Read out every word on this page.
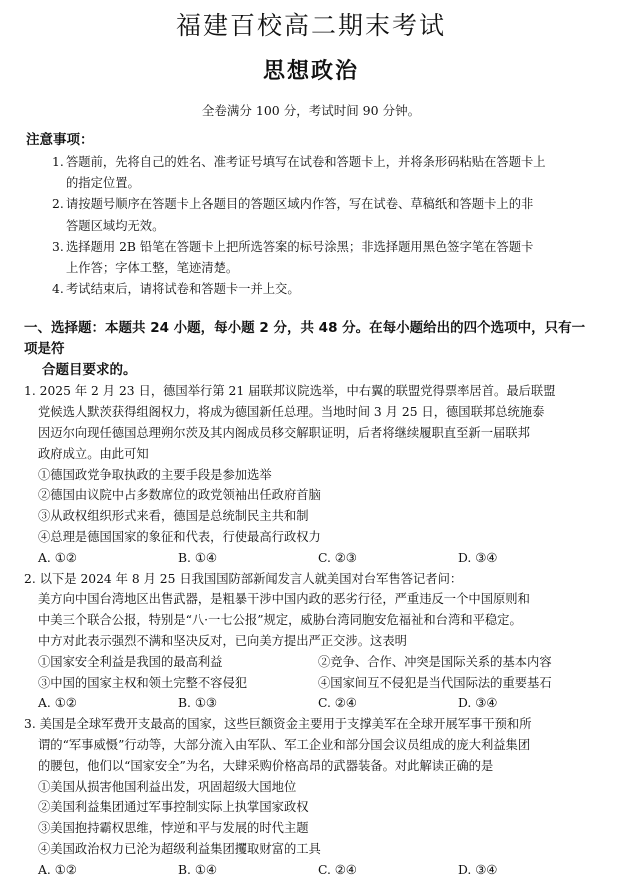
福建百校高二期末考试
思想政治
全卷满分 100 分，考试时间 90 分钟。
注意事项：
1. 答题前，先将自己的姓名、准考证号填写在试卷和答题卡上，并将条形码粘贴在答题卡上
的指定位置。
2. 请按题号顺序在答题卡上各题目的答题区域内作答，写在试卷、草稿纸和答题卡上的非
答题区域均无效。
3. 选择题用 2B 铅笔在答题卡上把所选答案的标号涂黑；非选择题用黑色签字笔在答题卡
上作答；字体工整，笔迹清楚。
4. 考试结束后，请将试卷和答题卡一并上交。
一、选择题：本题共 24 小题，每小题 2 分，共 48 分。在每小题给出的四个选项中，只有一项是符
合题目要求的。

1. 2025 年 2 月 23 日，德国举行第 21 届联邦议院选举，中右翼的联盟党得票率居首。最后联盟

党候选人默茨获得组阁权力，将成为德国新任总理。当地时间 3 月 25 日，德国联邦总统施泰

因迈尔向现任德国总理朔尔茨及其内阁成员移交解职证明，后者将继续履职直至新一届联邦

政府成立。由此可知

①德国政党争取执政的主要手段是参加选举

②德国由议院中占多数席位的政党领袖出任政府首脑

③从政权组织形式来看，德国是总统制民主共和制

④总理是德国国家的象征和代表，行使最高行政权力

A. ①②	B. ①④	C. ②③	D. ③④

2. 以下是 2024 年 8 月 25 日我国国防部新闻发言人就美国对台军售答记者问：

美方向中国台湾地区出售武器，是粗暴干涉中国内政的恶劣行径，严重违反一个中国原则和

中美三个联合公报，特别是“八·一七公报”规定，威胁台湾同胞安危福祉和台湾和平稳定。

中方对此表示强烈不满和坚决反对，已向美方提出严正交涉。这表明

①国家安全利益是我国的最高利益	②竞争、合作、冲突是国际关系的基本内容
③中国的国家主权和领土完整不容侵犯	④国家间互不侵犯是当代国际法的重要基石
A. ①②	B. ①③	C. ②④	D. ③④

3. 美国是全球军费开支最高的国家，这些巨额资金主要用于支撑美军在全球开展军事干预和所

谓的“军事威慑”行动等，大部分流入由军队、军工企业和部分国会议员组成的庞大利益集团

的腰包，他们以“国家安全”为名，大肆采购价格高昂的武器装备。对此解读正确的是

①美国从损害他国利益出发，巩固超级大国地位

②美国利益集团通过军事控制实际上执掌国家政权

③美国抱持霸权思维，悖逆和平与发展的时代主题

④美国政治权力已沦为超级利益集团攫取财富的工具

A. ①②	B. ①④	C. ②④	D. ③④
